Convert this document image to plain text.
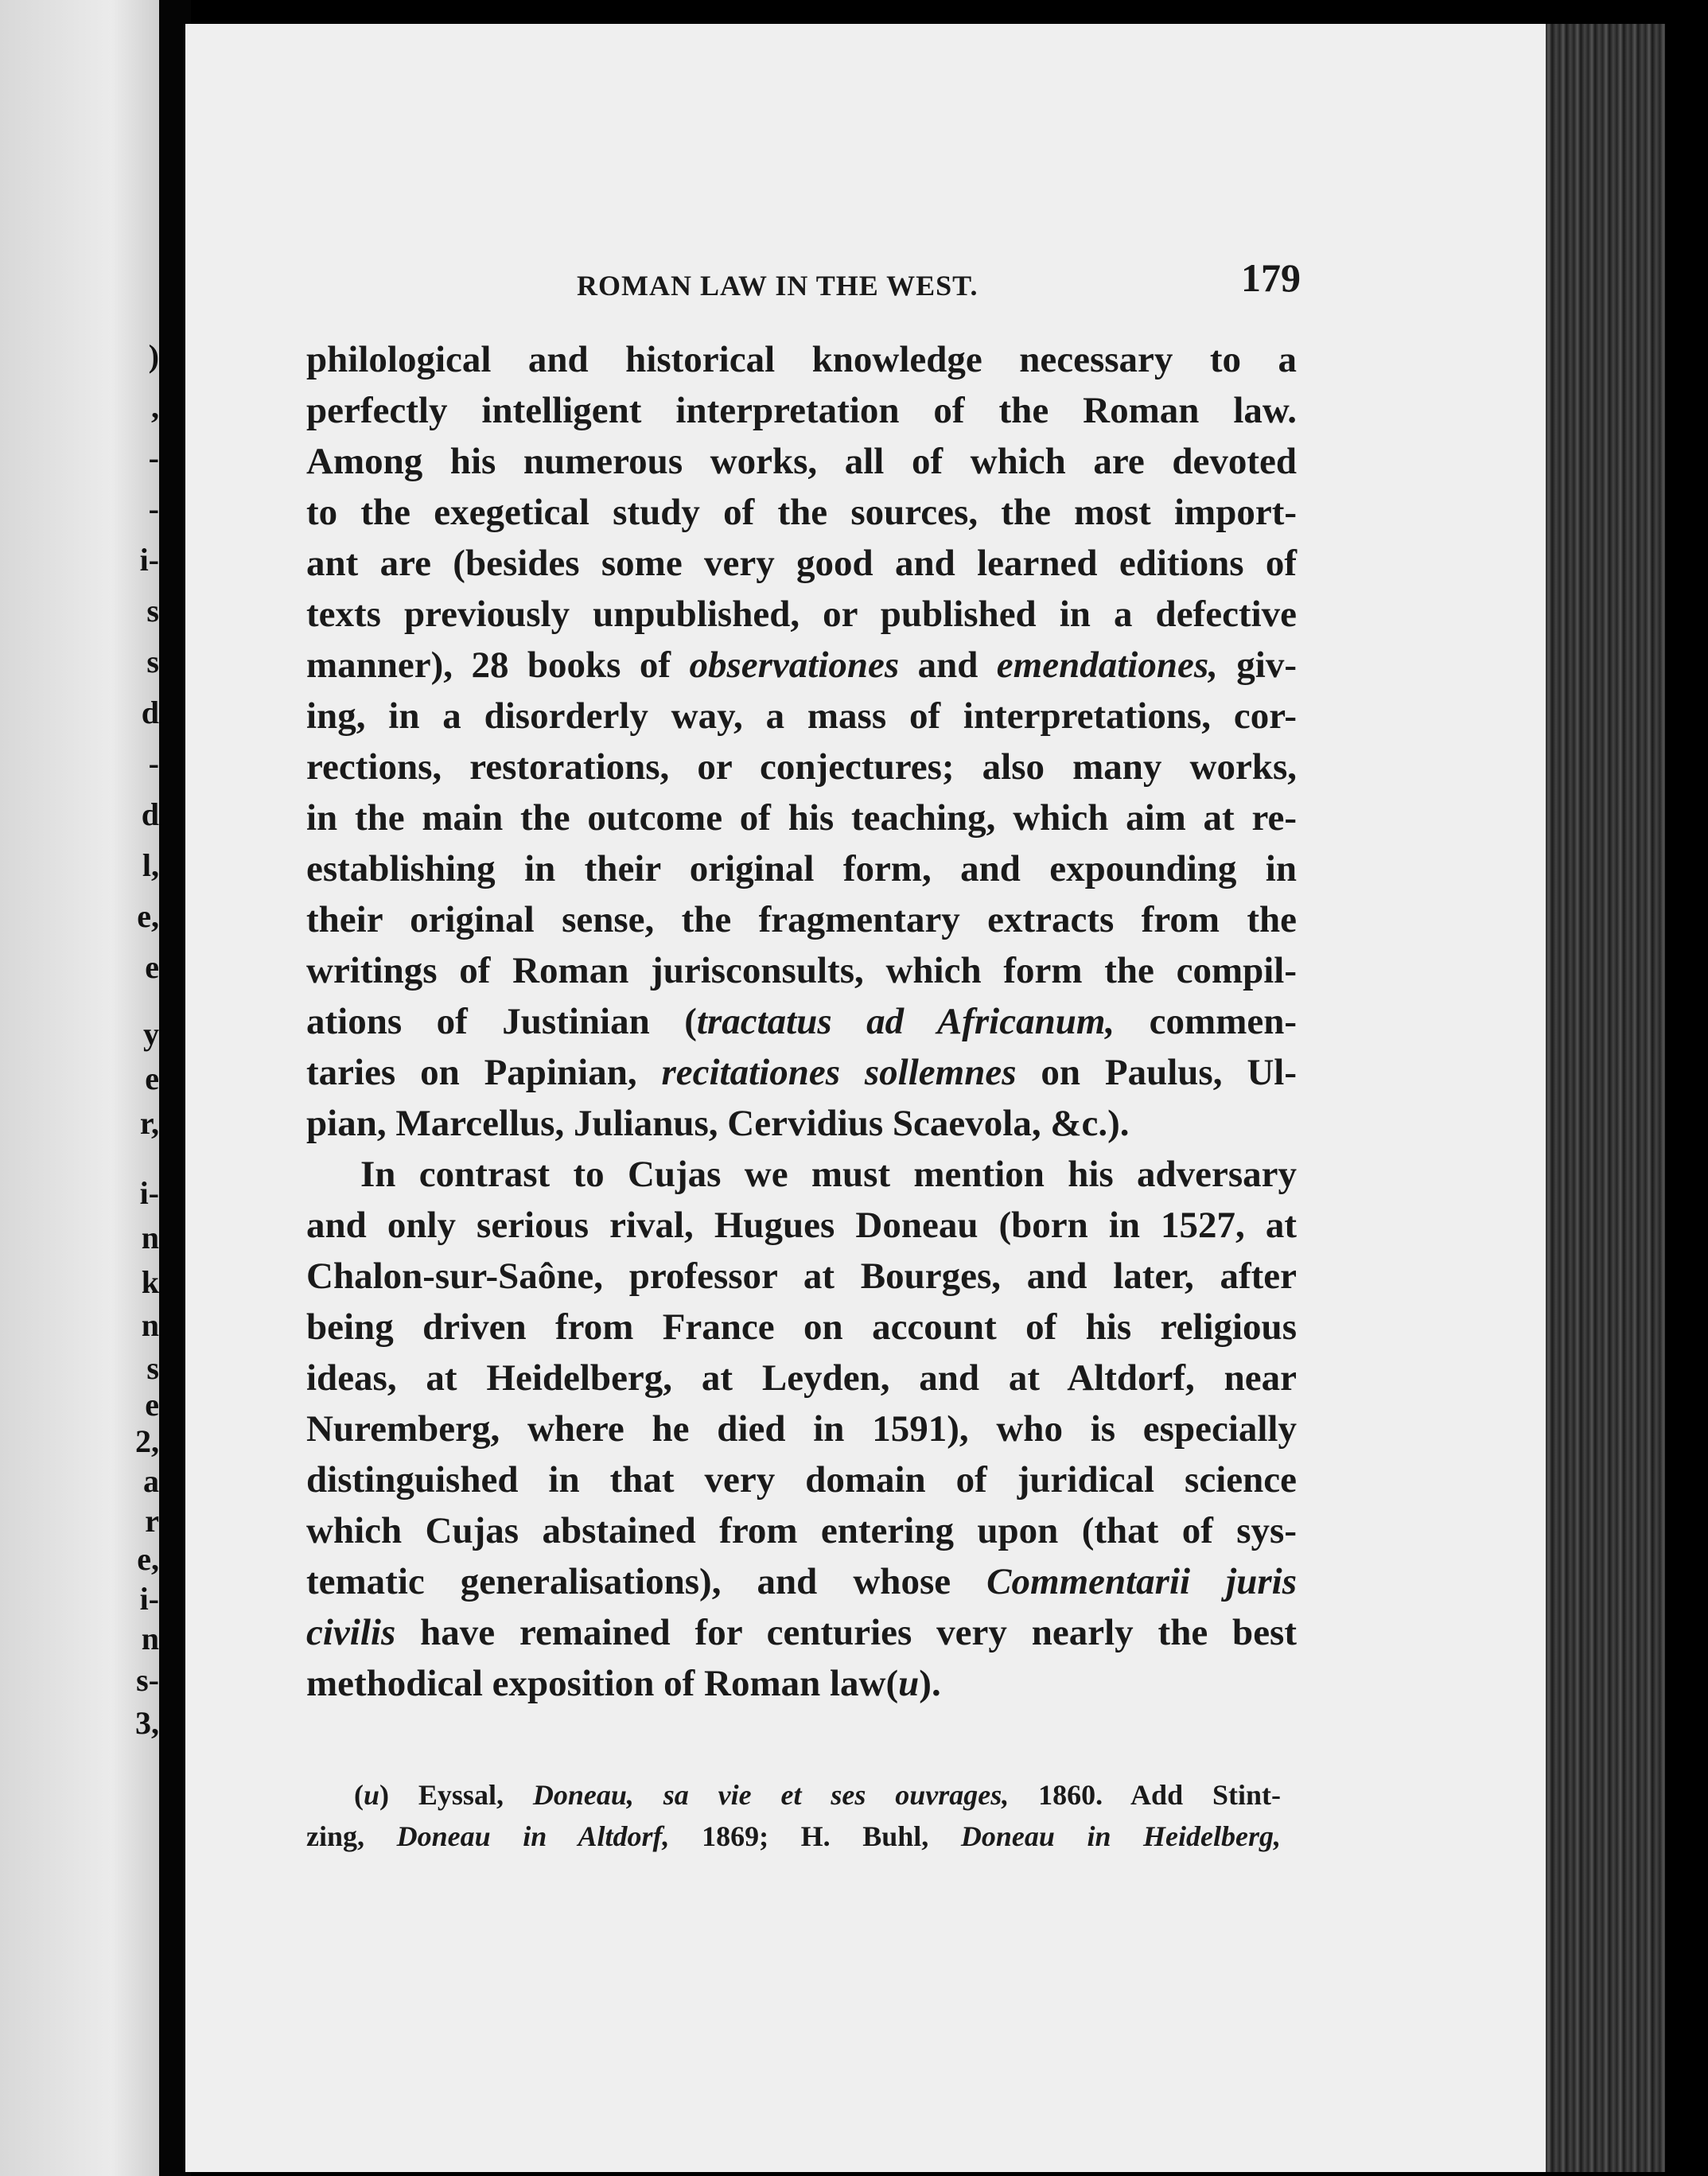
)
,
-
-
i-
s
s
d
-
d
l,
e,
e
y
e
r,
i-
n
k
n
s
e
2,
a
r
e,
i-
n
s-
3,
ROMAN LAW IN THE WEST.	179
philological and historical knowledge necessary to a
perfectly intelligent interpretation of the Roman law.
Among his numerous works, all of which are devoted
to the exegetical study of the sources, the most import-
ant are (besides some very good and learned editions of
texts previously unpublished, or published in a defective
manner), 28 books of observationes and emendationes, giv-
ing, in a disorderly way, a mass of interpretations, cor-
rections, restorations, or conjectures; also many works,
in the main the outcome of his teaching, which aim at re-
establishing in their original form, and expounding in
their original sense, the fragmentary extracts from the
writings of Roman jurisconsults, which form the compil-
ations of Justinian (tractatus ad Africanum, commen-
taries on Papinian, recitationes sollemnes on Paulus, Ul-
pian, Marcellus, Julianus, Cervidius Scaevola, &c.).
In contrast to Cujas we must mention his adversary
and only serious rival, Hugues Doneau (born in 1527, at
Chalon-sur-Saône, professor at Bourges, and later, after
being driven from France on account of his religious
ideas, at Heidelberg, at Leyden, and at Altdorf, near
Nuremberg, where he died in 1591), who is especially
distinguished in that very domain of juridical science
which Cujas abstained from entering upon (that of sys-
tematic generalisations), and whose Commentarii juris
civilis have remained for centuries very nearly the best
methodical exposition of Roman law(u).
(u) Eyssal, Doneau, sa vie et ses ouvrages, 1860. Add Stint-
zing, Doneau in Altdorf, 1869; H. Buhl, Doneau in Heidelberg,
